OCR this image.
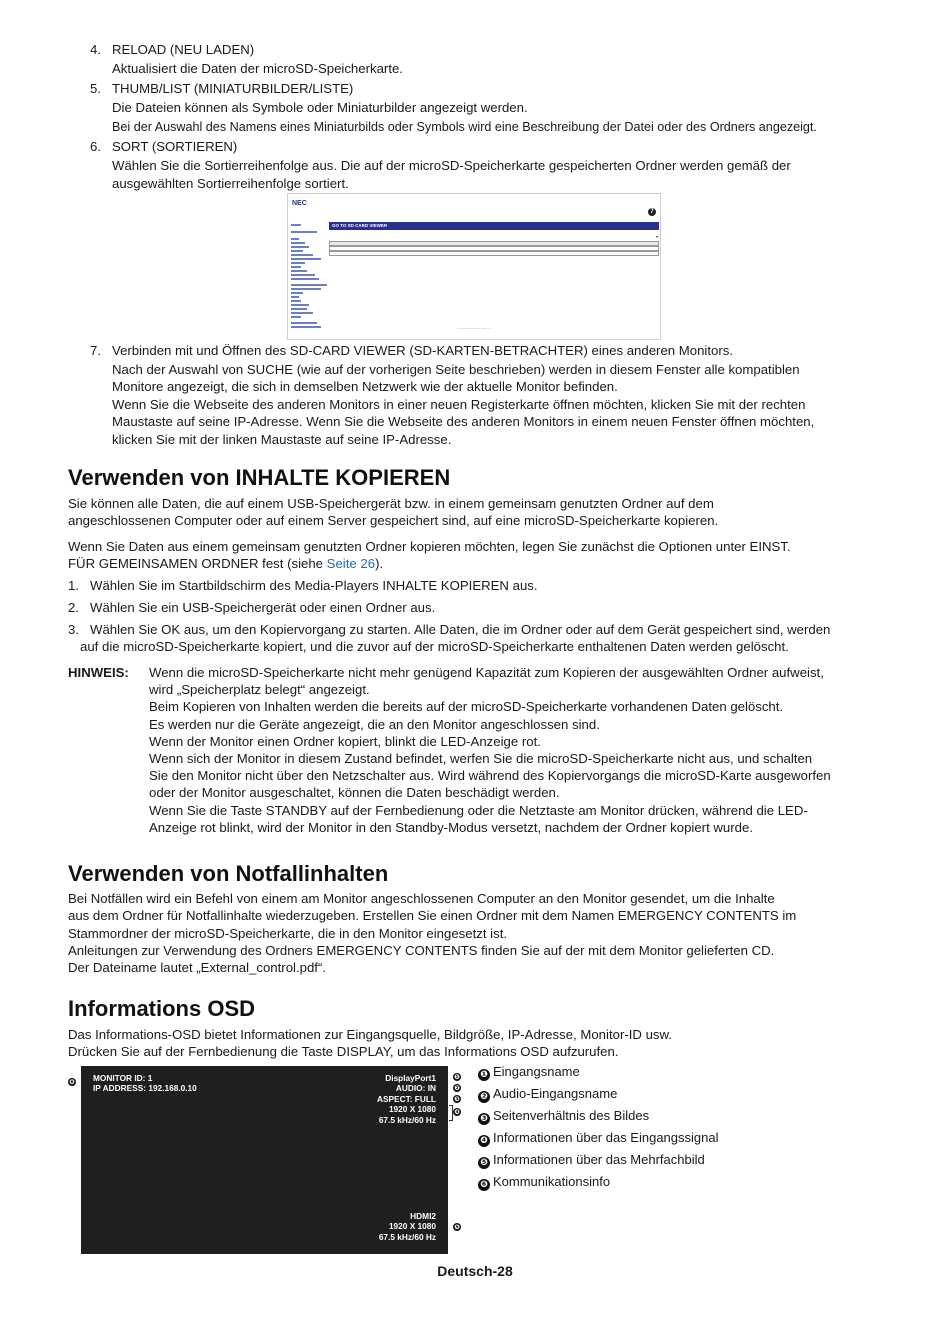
4. RELOAD (NEU LADEN)

Aktualisiert die Daten der microSD-Speicherkarte.

5. THUMB/LIST (MINIATURBILDER/LISTE)

Die Dateien können als Symbole oder Miniaturbilder angezeigt werden.

Bei der Auswahl des Namens eines Miniaturbilds oder Symbols wird eine Beschreibung der Datei oder des Ordners angezeigt.

6. SORT (SORTIEREN)

Wählen Sie die Sortierreihenfolge aus. Die auf der microSD-Speicherkarte gespeicherten Ordner werden gemäß der

ausgewählten Sortierreihenfolge sortiert.

NEC
7
GO TO SD CARD VIEWER
▾
·····························
7. Verbinden mit und Öffnen des SD-CARD VIEWER (SD-KARTEN-BETRACHTER) eines anderen Monitors.

Nach der Auswahl von SUCHE (wie auf der vorherigen Seite beschrieben) werden in diesem Fenster alle kompatiblen

Monitore angezeigt, die sich in demselben Netzwerk wie der aktuelle Monitor befinden.

Wenn Sie die Webseite des anderen Monitors in einer neuen Registerkarte öffnen möchten, klicken Sie mit der rechten

Maustaste auf seine IP-Adresse. Wenn Sie die Webseite des anderen Monitors in einem neuen Fenster öffnen möchten,

klicken Sie mit der linken Maustaste auf seine IP-Adresse.

Verwenden von INHALTE KOPIEREN

Sie können alle Daten, die auf einem USB-Speichergerät bzw. in einem gemeinsam genutzten Ordner auf dem

angeschlossenen Computer oder auf einem Server gespeichert sind, auf eine microSD-Speicherkarte kopieren.

Wenn Sie Daten aus einem gemeinsam genutzten Ordner kopieren möchten, legen Sie zunächst die Optionen unter EINST.

FÜR GEMEINSAMEN ORDNER fest (siehe Seite 26).

1. Wählen Sie im Startbildschirm des Media-Players INHALTE KOPIEREN aus.

2. Wählen Sie ein USB-Speichergerät oder einen Ordner aus.

3. Wählen Sie OK aus, um den Kopiervorgang zu starten. Alle Daten, die im Ordner oder auf dem Gerät gespeichert sind, werden

auf die microSD-Speicherkarte kopiert, und die zuvor auf der microSD-Speicherkarte enthaltenen Daten werden gelöscht.

HINWEIS: Wenn die microSD-Speicherkarte nicht mehr genügend Kapazität zum Kopieren der ausgewählten Ordner aufweist,

wird „Speicherplatz belegt“ angezeigt.

Beim Kopieren von Inhalten werden die bereits auf der microSD-Speicherkarte vorhandenen Daten gelöscht.

Es werden nur die Geräte angezeigt, die an den Monitor angeschlossen sind.

Wenn der Monitor einen Ordner kopiert, blinkt die LED-Anzeige rot.

Wenn sich der Monitor in diesem Zustand befindet, werfen Sie die microSD-Speicherkarte nicht aus, und schalten

Sie den Monitor nicht über den Netzschalter aus. Wird während des Kopiervorgangs die microSD-Karte ausgeworfen

oder der Monitor ausgeschaltet, können die Daten beschädigt werden.

Wenn Sie die Taste STANDBY auf der Fernbedienung oder die Netztaste am Monitor drücken, während die LED-

Anzeige rot blinkt, wird der Monitor in den Standby-Modus versetzt, nachdem der Ordner kopiert wurde.

Verwenden von Notfallinhalten

Bei Notfällen wird ein Befehl von einem am Monitor angeschlossenen Computer an den Monitor gesendet, um die Inhalte

aus dem Ordner für Notfallinhalte wiederzugeben. Erstellen Sie einen Ordner mit dem Namen EMERGENCY CONTENTS im

Stammordner der microSD-Speicherkarte, die in den Monitor eingesetzt ist.

Anleitungen zur Verwendung des Ordners EMERGENCY CONTENTS finden Sie auf der mit dem Monitor gelieferten CD.

Der Dateiname lautet „External_control.pdf“.

Informations OSD

Das Informations-OSD bietet Informationen zur Eingangsquelle, Bildgröße, IP-Adresse, Monitor-ID usw.

Drücken Sie auf der Fernbedienung die Taste DISPLAY, um das Informations OSD aufzurufen.

MONITOR ID: 1
IP ADDRESS: 192.168.0.10
DisplayPort1
AUDIO: IN
ASPECT: FULL
1920 X 1080
67.5 kHz/60 Hz
HDMI2
1920 X 1080
67.5 kHz/60 Hz
❻
❶
❷
❸
❹
❺
❶ Eingangsname
❷ Audio-Eingangsname
❸ Seitenverhältnis des Bildes
❹ Informationen über das Eingangssignal
❺ Informationen über das Mehrfachbild
❻ Kommunikationsinfo
Deutsch-28
